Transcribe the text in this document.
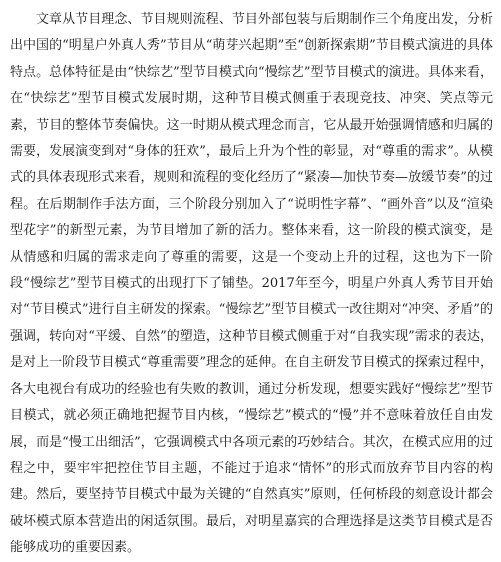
文章从节目理念、节目规则流程、节目外部包装与后期制作三个角度出发，分析出中国的“明星户外真人秀”节目从“萌芽兴起期”至“创新探索期”节目模式演进的具体特点。总体特征是由“快综艺”型节目模式向“慢综艺”型节目模式的演进。具体来看，在“快综艺”型节目模式发展时期，这种节目模式侧重于表现竞技、冲突、笑点等元素，节目的整体节奏偏快。这一时期从模式理念而言，它从最开始强调情感和归属的需要，发展演变到对“身体的狂欢”，最后上升为个性的彰显，对“尊重的需求”。从模式的具体表现形式来看，规则和流程的变化经历了“紧凑—加快节奏—放缓节奏”的过程。在后期制作手法方面，三个阶段分别加入了“说明性字幕”、“画外音”以及“渲染型花字”的新型元素，为节目增加了新的活力。整体来看，这一阶段的模式演变，是从情感和归属的需求走向了尊重的需要，这是一个变动上升的过程，这也为下一阶段“慢综艺”型节目模式的出现打下了铺垫。2017年至今，明星户外真人秀节目开始对“节目模式”进行自主研发的探索。“慢综艺”型节目模式一改往期对“冲突、矛盾”的强调，转向对“平缓、自然”的塑造，这种节目模式侧重于对“自我实现”需求的表达，是对上一阶段节目模式“尊重需要”理念的延伸。在自主研发节目模式的探索过程中，各大电视台有成功的经验也有失败的教训，通过分析发现，想要实践好“慢综艺”型节目模式，就必须正确地把握节目内核，“慢综艺”模式的“慢”并不意味着放任自由发展，而是“慢工出细活”，它强调模式中各项元素的巧妙结合。其次，在模式应用的过程之中，要牢牢把控住节目主题，不能过于追求“情怀”的形式而放弃节目内容的构建。然后，要坚持节目模式中最为关键的“自然真实”原则，任何桥段的刻意设计都会破坏模式原本营造出的闲适氛围。最后，对明星嘉宾的合理选择是这类节目模式是否能够成功的重要因素。
